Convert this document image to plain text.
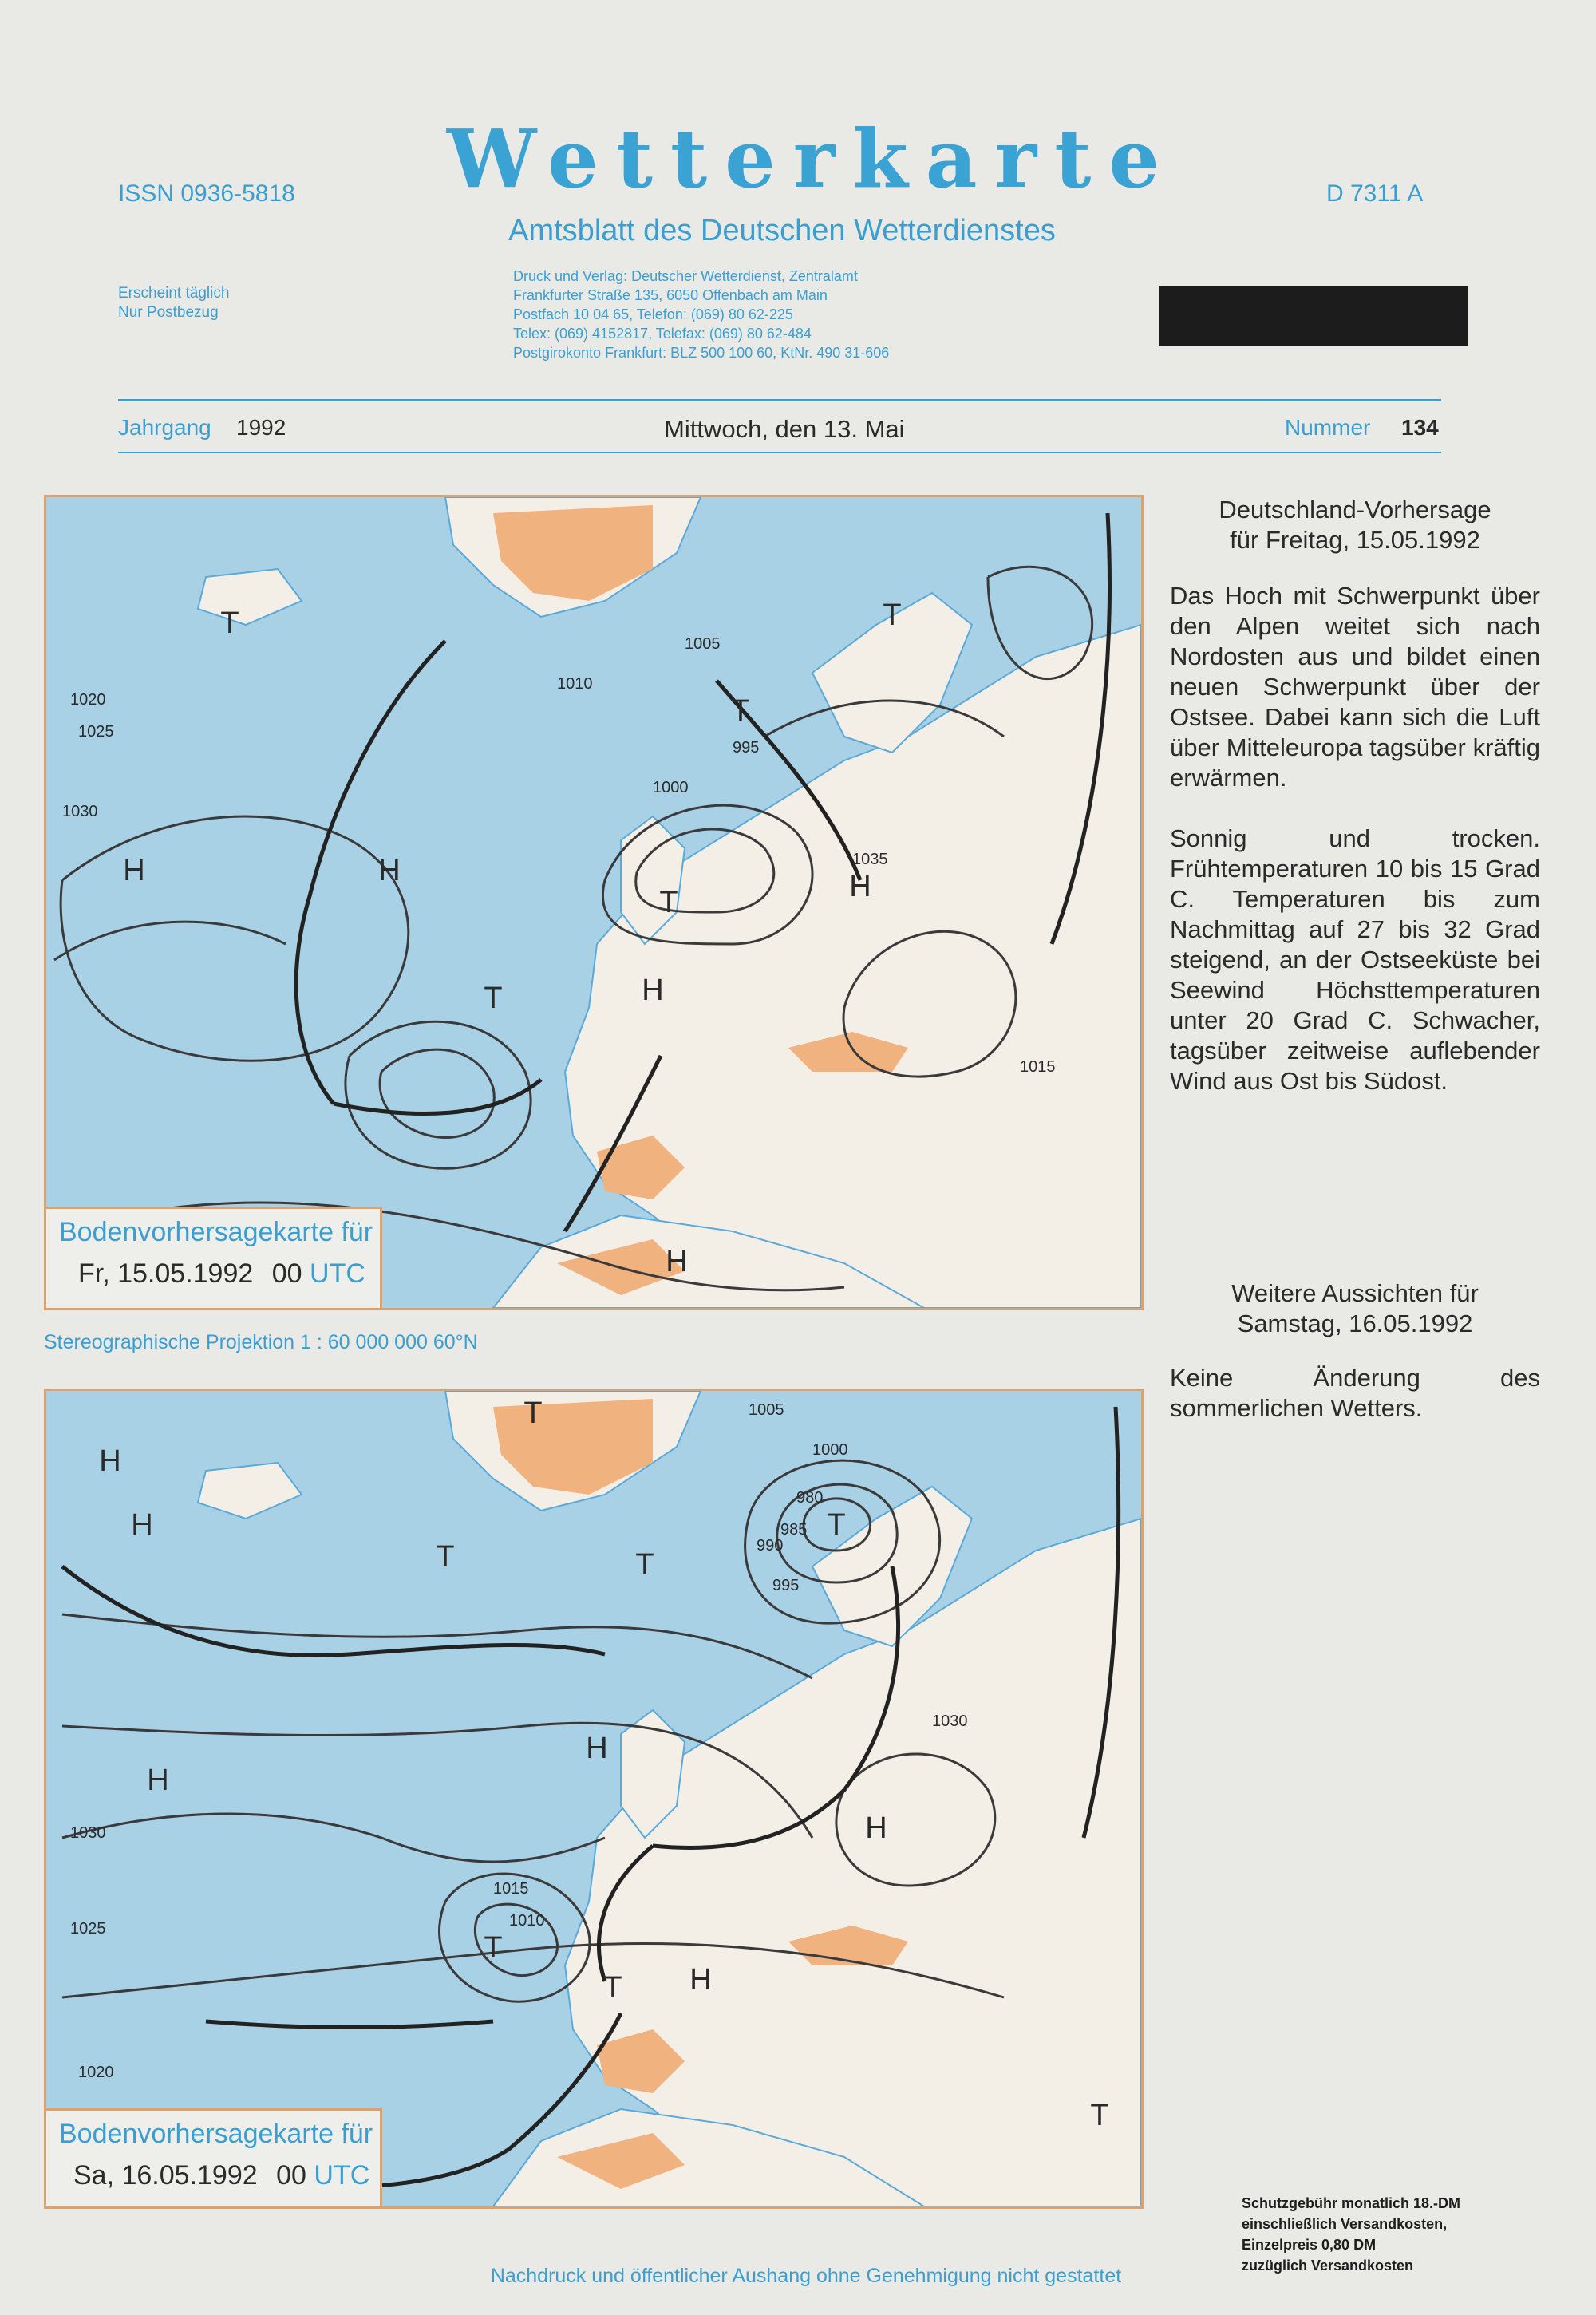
Wetterkarte
Amtsblatt des Deutschen Wetterdienstes
ISSN 0936-5818	D 7311 A
Erscheint täglich
Nur Postbezug
Druck und Verlag: Deutscher Wetterdienst, Zentralamt
Frankfurter Straße 135, 6050 Offenbach am Main
Postfach 10 04 65, Telefon: (069) 80 62-225
Telex: (069) 4152817, Telefax: (069) 80 62-484
Postgirokonto Frankfurt: BLZ 500 100 60, KtNr. 490 31-606
Jahrgang 1992	Mittwoch, den 13. Mai	Nummer 134
H	H	H
H
H
T
T
T
T
T
1020
1025
1030
1010
1005
1000
1035
995
1015
Bodenvorhersagekarte für
Fr, 15.05.1992 00 UTC
Stereographische Projektion 1 : 60 000 000 60°N
H
H
H
H
H
H
T
T
T	T
T
T
T
980
985
990
995
1000
1005
1010
1015
1020
1025
1030
1030
Bodenvorhersagekarte für
Sa, 16.05.1992 00 UTC
Deutschland-Vorhersage
für Freitag, 15.05.1992
Das Hoch mit Schwerpunkt über den Alpen weitet sich nach Nordosten aus und bildet einen neuen Schwerpunkt über der Ostsee. Dabei kann sich die Luft über Mitteleuropa tagsüber kräftig erwärmen.
Sonnig und trocken. Frühtemperaturen 10 bis 15 Grad C. Temperaturen bis zum Nachmittag auf 27 bis 32 Grad steigend, an der Ostseeküste bei Seewind Höchsttemperaturen unter 20 Grad C. Schwacher, tagsüber zeitweise auflebender Wind aus Ost bis Südost.
Weitere Aussichten für
Samstag, 16.05.1992
Keine Änderung des sommerlichen Wetters.
Schutzgebühr monatlich 18.-DM
einschließlich Versandkosten,
Einzelpreis 0,80 DM
zuzüglich Versandkosten
Nachdruck und öffentlicher Aushang ohne Genehmigung nicht gestattet
